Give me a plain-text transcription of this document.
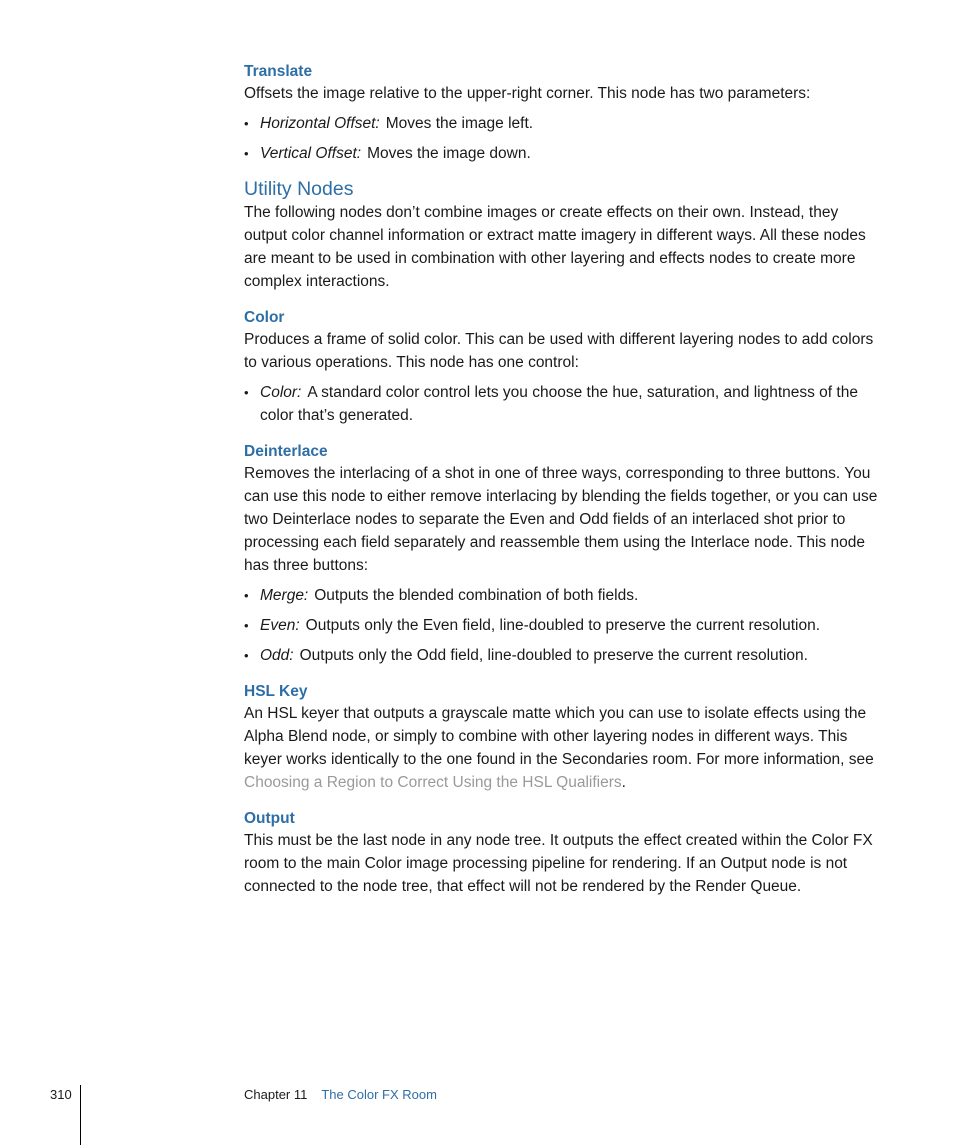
Translate

Offsets the image relative to the upper-right corner. This node has two parameters:

• Horizontal Offset: Moves the image left.
• Vertical Offset: Moves the image down.
Utility Nodes

The following nodes don’t combine images or create effects on their own. Instead, they output color channel information or extract matte imagery in different ways. All these nodes are meant to be used in combination with other layering and effects nodes to create more complex interactions.

Color

Produces a frame of solid color. This can be used with different layering nodes to add colors to various operations. This node has one control:

• Color: A standard color control lets you choose the hue, saturation, and lightness of the color that’s generated.
Deinterlace

Removes the interlacing of a shot in one of three ways, corresponding to three buttons. You can use this node to either remove interlacing by blending the fields together, or you can use two Deinterlace nodes to separate the Even and Odd fields of an interlaced shot prior to processing each field separately and reassemble them using the Interlace node. This node has three buttons:

• Merge: Outputs the blended combination of both fields.
• Even: Outputs only the Even field, line-doubled to preserve the current resolution.
• Odd: Outputs only the Odd field, line-doubled to preserve the current resolution.
HSL Key

An HSL keyer that outputs a grayscale matte which you can use to isolate effects using the Alpha Blend node, or simply to combine with other layering nodes in different ways. This keyer works identically to the one found in the Secondaries room. For more information, see Choosing a Region to Correct Using the HSL Qualifiers.

Output

This must be the last node in any node tree. It outputs the effect created within the Color FX room to the main Color image processing pipeline for rendering. If an Output node is not connected to the node tree, that effect will not be rendered by the Render Queue.

310	Chapter 11 The Color FX Room
